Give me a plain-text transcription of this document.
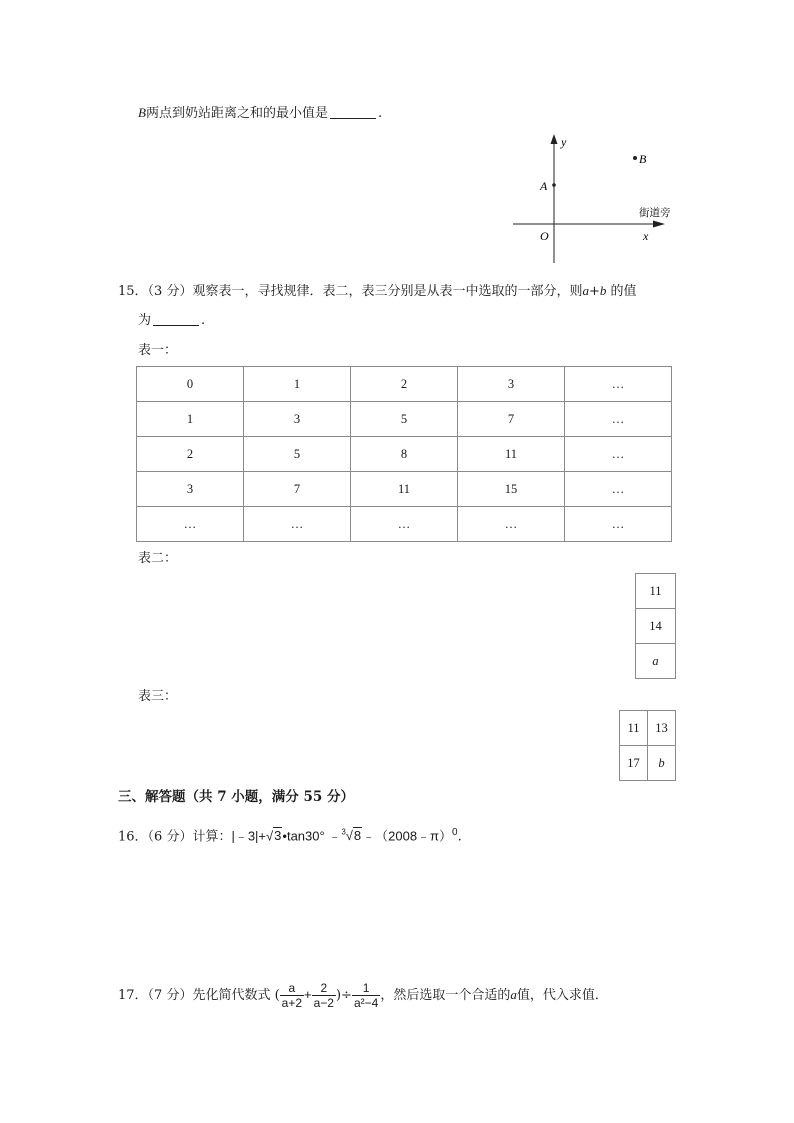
B两点到奶站距离之和的最小值是	.
y
x
O
A
B
街道旁
15．（3 分）观察表一，寻找规律．表二，表三分别是从表一中选取的一部分，则a+b 的值
为	.
表一：
0	1	2	3	…
1	3	5	7	…
2	5	8	11	…
3	7	11	15	…
…	…	…	…	…
表二：
11
14
a
表三：
11	13
17	b
三、解答题（共 7 小题，满分 55 分）
16．（6 分）计算：|﹣3|+√3•tan30° ﹣$^3$√8﹣（2008﹣π）$^0$.
17．（7 分）先化简代数式 ( $\frac{a}{a+2} + \frac{2}{a-2}$ )÷ $\frac{1}{\text{a²−4}}$ ，然后选取一个合适的a值，代入求值．
